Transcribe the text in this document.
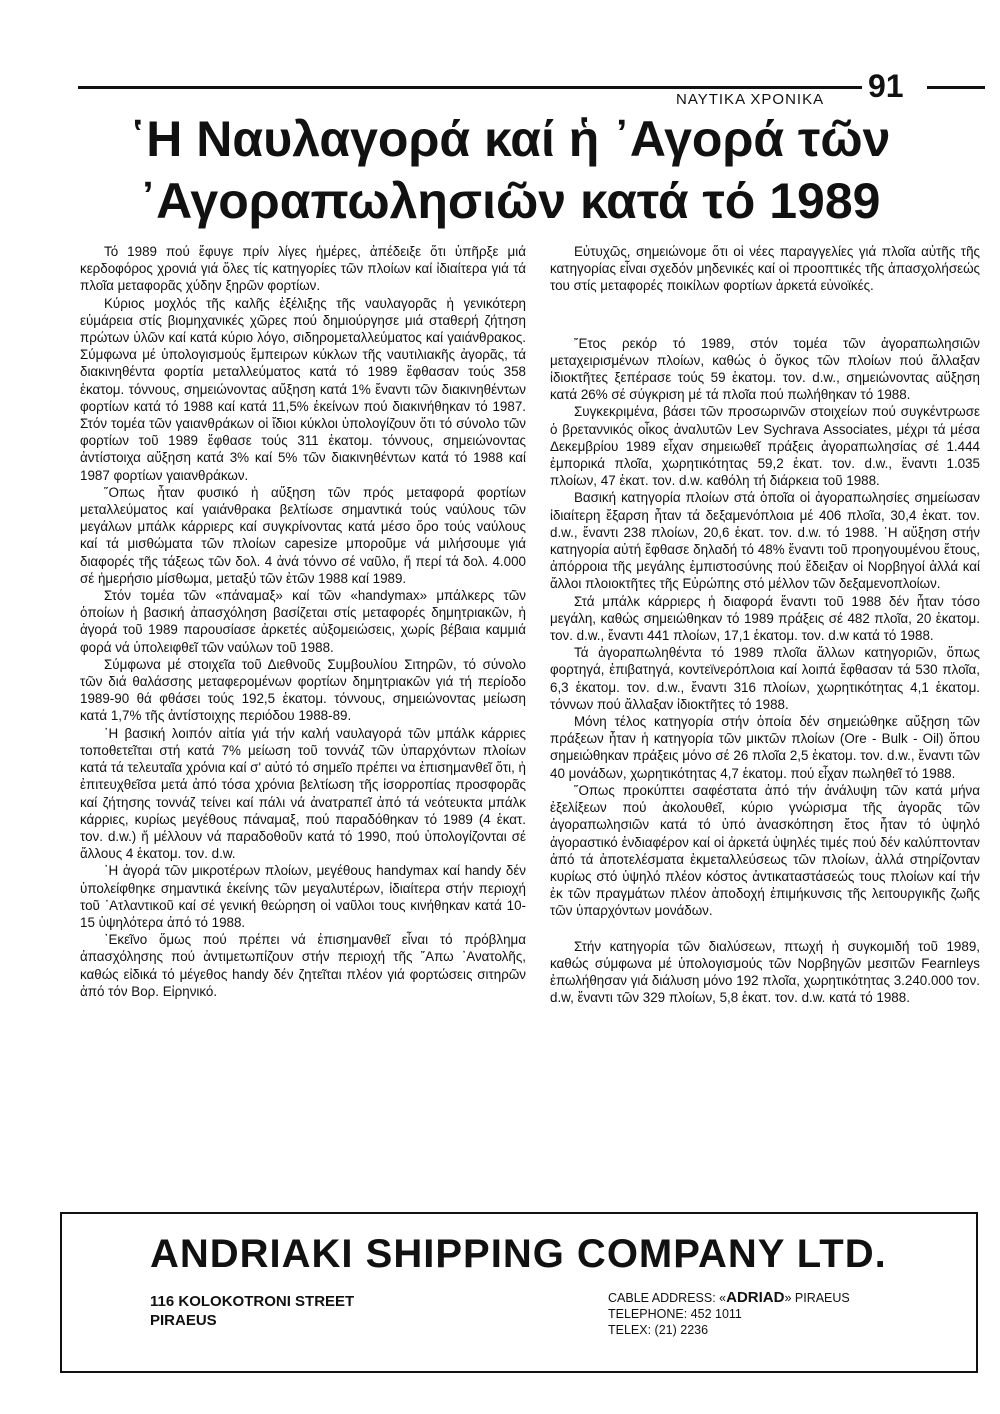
ΝΑΥΤΙΚΑ ΧΡΟΝΙΚΑ 91
῾Η Ναυλαγορά καί ἡ ᾿Αγορά τῶν
᾿Αγοραπωλησιῶν κατά τό 1989

Τό 1989 πού ἔφυγε πρίν λίγες ἡμέρες, ἀπέδειξε ὅτι ὑπῆρξε μιά κερδοφόρος χρονιά γιά ὅλες τίς κατηγορίες τῶν πλοίων καί ἰδιαίτερα γιά τά πλοῖα μεταφορᾶς χύδην ξηρῶν φορτίων.

Κύριος μοχλός τῆς καλῆς ἐξέλιξης τῆς ναυλαγορᾶς ἡ γενικότερη εὐμάρεια στίς βιομηχανικές χῶρες πού δημιούργησε μιά σταθερή ζήτηση πρώτων ὑλῶν καί κατά κύριο λόγο, σιδηρομεταλλεύματος καί γαιάνθρακος. Σύμφωνα μέ ὑπολογισμούς ἔμπειρων κύκλων τῆς ναυτιλιακῆς ἀγορᾶς, τά διακινηθέντα φορτία μεταλλεύματος κατά τό 1989 ἔφθασαν τούς 358 ἑκατομ. τόννους, σημειώνοντας αὔξηση κατά 1% ἔναντι τῶν διακινηθέντων φορτίων κατά τό 1988 καί κατά 11,5% ἐκείνων πού διακινήθηκαν τό 1987. Στόν τομέα τῶν γαιανθράκων οἱ ἴδιοι κύκλοι ὑπολογίζουν ὅτι τό σύνολο τῶν φορτίων τοῦ 1989 ἔφθασε τούς 311 ἑκατομ. τόννους, σημειώνοντας ἀντίστοιχα αὔξηση κατά 3% καί 5% τῶν διακινηθέντων κατά τό 1988 καί 1987 φορτίων γαιανθράκων.

῞Οπως ἦταν φυσικό ἡ αὔξηση τῶν πρός μεταφορά φορτίων μεταλλεύματος καί γαιάνθρακα βελτίωσε σημαντικά τούς ναύλους τῶν μεγάλων μπάλκ κάρριερς καί συγκρίνοντας κατά μέσο ὅρο τούς ναύλους καί τά μισθώματα τῶν πλοίων capesize μποροῦμε νά μιλήσουμε γιά διαφορές τῆς τάξεως τῶν δολ. 4 ἀνά τόννο σέ ναῦλο, ἤ περί τά δολ. 4.000 σέ ἡμερήσιο μίσθωμα, μεταξύ τῶν ἐτῶν 1988 καί 1989.

Στόν τομέα τῶν «πάναμαξ» καί τῶν «handymax» μπάλκερς τῶν ὁποίων ἡ βασική ἀπασχόληση βασίζεται στίς μεταφορές δημητριακῶν, ἡ ἀγορά τοῦ 1989 παρουσίασε ἀρκετές αὐξομειώσεις, χωρίς βέβαια καμμιά φορά νά ὑπολειφθεῖ τῶν ναύλων τοῦ 1988.

Σύμφωνα μέ στοιχεῖα τοῦ Διεθνοῦς Συμβουλίου Σιτηρῶν, τό σύνολο τῶν διά θαλάσσης μεταφερομένων φορτίων δημητριακῶν γιά τή περίοδο 1989-90 θά φθάσει τούς 192,5 ἑκατομ. τόννους, σημειώνοντας μείωση κατά 1,7% τῆς ἀντίστοιχης περιόδου 1988-89.

῾Η βασική λοιπόν αἰτία γιά τήν καλή ναυλαγορά τῶν μπάλκ κάρριες τοποθετεῖται στή κατά 7% μείωση τοῦ τοννάζ τῶν ὑπαρχόντων πλοίων κατά τά τελευταῖα χρόνια καί σ' αὐτό τό σημεῖο πρέπει να ἐπισημανθεῖ ὅτι, ἡ ἐπιτευχθεῖσα μετά ἀπό τόσα χρόνια βελτίωση τῆς ἰσορροπίας προσφορᾶς καί ζήτησης τοννάζ τείνει καί πάλι νά ἀνατραπεῖ ἀπό τά νεότευκτα μπάλκ κάρριες, κυρίως μεγέθους πάναμαξ, πού παραδόθηκαν τό 1989 (4 ἑκατ. τον. d.w.) ἤ μέλλουν νά παραδοθοῦν κατά τό 1990, πού ὑπολογίζονται σέ ἄλλους 4 ἑκατομ. τον. d.w.

῾Η ἀγορά τῶν μικροτέρων πλοίων, μεγέθους handymax καί handy δέν ὑπολείφθηκε σημαντικά ἐκείνης τῶν μεγαλυτέρων, ἰδιαίτερα στήν περιοχή τοῦ ᾿Ατλαντικοῦ καί σέ γενική θεώρηση οἱ ναῦλοι τους κινήθηκαν κατά 10-15 ὑψηλότερα ἀπό τό 1988.

᾿Εκεῖνο ὅμως πού πρέπει νά ἐπισημανθεῖ εἶναι τό πρόβλημα ἀπασχόλησης πού ἀντιμετωπίζουν στήν περιοχή τῆς ῎Απω ᾿Ανατολῆς, καθώς εἰδικά τό μέγεθος handy δέν ζητεῖται πλέον γιά φορτώσεις σιτηρῶν ἀπό τόν Βορ. Εἰρηνικό.

Εὐτυχῶς, σημειώνομε ὅτι οἱ νέες παραγγελίες γιά πλοῖα αὐτῆς τῆς κατηγορίας εἶναι σχεδόν μηδενικές καί οἱ προοπτικές τῆς ἀπασχολήσεώς του στίς μεταφορές ποικίλων φορτίων ἀρκετά εὐνοϊκές.

῎Ετος ρεκόρ τό 1989, στόν τομέα τῶν ἀγοραπωλησιῶν μεταχειρισμένων πλοίων, καθώς ὁ ὄγκος τῶν πλοίων πού ἄλλαξαν ἰδιοκτῆτες ξεπέρασε τούς 59 ἑκατομ. τον. d.w., σημειώνοντας αὔξηση κατά 26% σέ σύγκριση μέ τά πλοῖα πού πωλήθηκαν τό 1988.

Συγκεκριμένα, βάσει τῶν προσωρινῶν στοιχείων πού συγκέντρωσε ὁ βρεταννικός οἶκος ἀναλυτῶν Lev Sychrava Associates, μέχρι τά μέσα Δεκεμβρίου 1989 εἶχαν σημειωθεῖ πράξεις ἀγοραπωλησίας σέ 1.444 ἐμπορικά πλοῖα, χωρητικότητας 59,2 ἑκατ. τον. d.w., ἔναντι 1.035 πλοίων, 47 ἑκατ. τον. d.w. καθόλη τή διάρκεια τοῦ 1988.

Βασική κατηγορία πλοίων στά ὁποῖα οἱ ἀγοραπωλησίες σημείωσαν ἰδιαίτερη ἔξαρση ἦταν τά δεξαμενόπλοια μέ 406 πλοῖα, 30,4 ἑκατ. τον. d.w., ἔναντι 238 πλοίων, 20,6 ἑκατ. τον. d.w. τό 1988. ῾Η αὔξηση στήν κατηγορία αὐτή ἔφθασε δηλαδή τό 48% ἔναντι τοῦ προηγουμένου ἔτους, ἀπόρροια τῆς μεγάλης ἐμπιστοσύνης πού ἔδειξαν οἱ Νορβηγοί ἀλλά καί ἄλλοι πλοιοκτῆτες τῆς Εὐρώπης στό μέλλον τῶν δεξαμενοπλοίων.

Στά μπάλκ κάρριερς ἡ διαφορά ἔναντι τοῦ 1988 δέν ἦταν τόσο μεγάλη, καθώς σημειώθηκαν τό 1989 πράξεις σέ 482 πλοῖα, 20 ἑκατομ. τον. d.w., ἔναντι 441 πλοίων, 17,1 ἑκατομ. τον. d.w κατά τό 1988.

Τά ἀγοραπωληθέντα τό 1989 πλοῖα ἄλλων κατηγοριῶν, ὅπως φορτηγά, ἐπιβατηγά, κοντεϊνερόπλοια καί λοιπά ἔφθασαν τά 530 πλοῖα, 6,3 ἑκατομ. τον. d.w., ἔναντι 316 πλοίων, χωρητικότητας 4,1 ἑκατομ. τόννων πού ἄλλαξαν ἰδιοκτῆτες τό 1988.

Μόνη τέλος κατηγορία στήν ὁποία δέν σημειώθηκε αὔξηση τῶν πράξεων ἦταν ἡ κατηγορία τῶν μικτῶν πλοίων (Ore - Bulk - Oil) ὅπου σημειώθηκαν πράξεις μόνο σέ 26 πλοῖα 2,5 ἑκατομ. τον. d.w., ἔναντι τῶν 40 μονάδων, χωρητικότητας 4,7 ἑκατομ. πού εἶχαν πωληθεῖ τό 1988.

῞Οπως προκύπτει σαφέστατα ἀπό τήν ἀνάλυψη τῶν κατά μήνα ἐξελίξεων πού ἀκολουθεῖ, κύριο γνώρισμα τῆς ἀγορᾶς τῶν ἀγοραπωλησιῶν κατά τό ὑπό ἀνασκόπηση ἔτος ἦταν τό ὑψηλό ἀγοραστικό ἐνδιαφέρον καί οἱ ἀρκετά ὑψηλές τιμές πού δέν καλύπτονταν ἀπό τά ἀποτελέσματα ἐκμεταλλεύσεως τῶν πλοίων, ἀλλά στηρίζονταν κυρίως στό ὑψηλό πλέον κόστος ἀντικαταστάσεώς τους πλοίων καί τήν ἐκ τῶν πραγμάτων πλέον ἀποδοχή ἐπιμήκυνσις τῆς λειτουργικῆς ζωῆς τῶν ὑπαρχόντων μονάδων.

Στήν κατηγορία τῶν διαλύσεων, πτωχή ἡ συγκομιδή τοῦ 1989, καθώς σύμφωνα μέ ὑπολογισμούς τῶν Νορβηγῶν μεσιτῶν Fearnleys ἐπωλήθησαν γιά διάλυση μόνο 192 πλοῖα, χωρητικότητας 3.240.000 τον. d.w, ἔναντι τῶν 329 πλοίων, 5,8 ἑκατ. τον. d.w. κατά τό 1988.

ANDRIAKI SHIPPING COMPANY LTD.
116 KOLOKOTRONI STREET
PIRAEUS
CABLE ADDRESS: «ADRIAD» PIRAEUS
TELEPHONE: 452 1011
TELEX: (21) 2236
